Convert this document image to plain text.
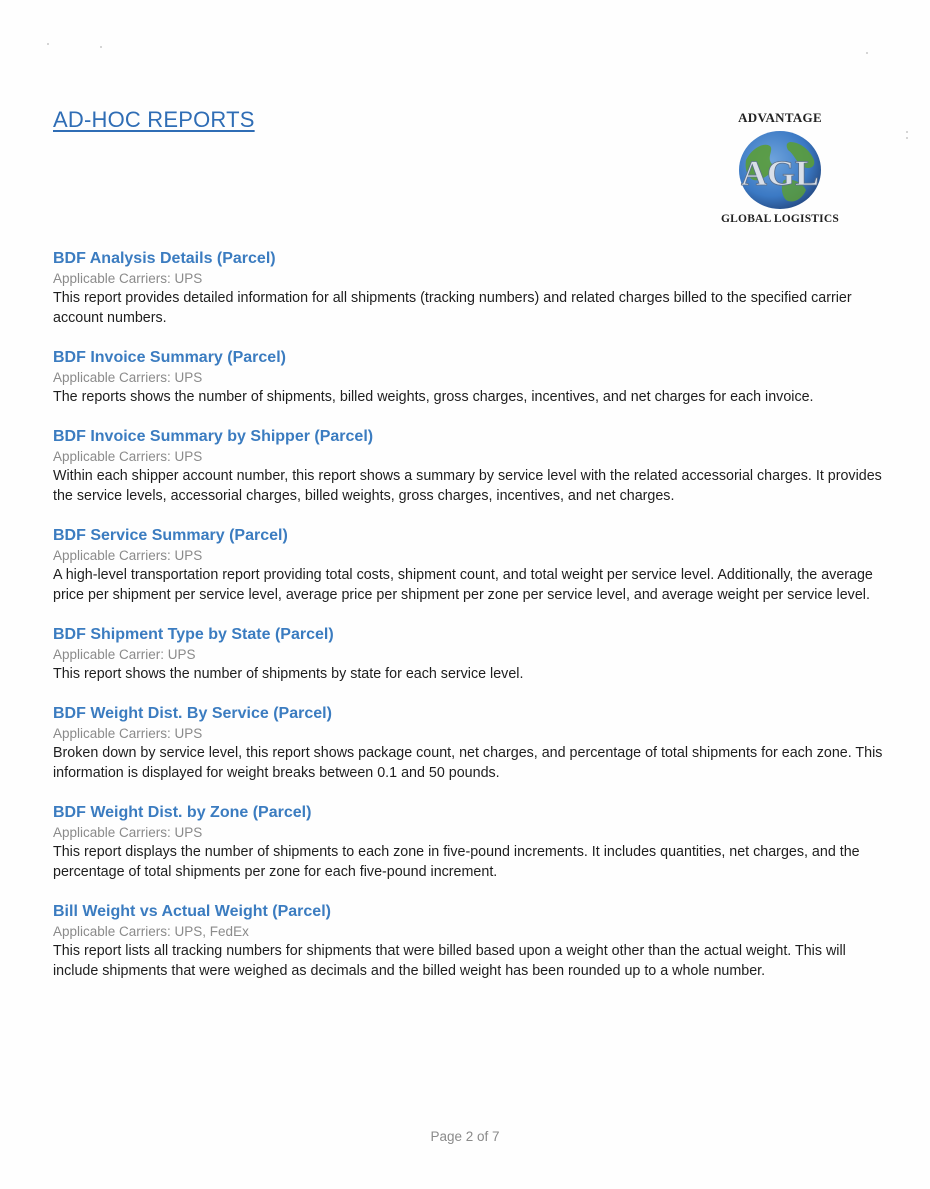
AD-HOC REPORTS	ADVANTAGE
AGL
GLOBAL LOGISTICS
BDF Analysis Details (Parcel)
Applicable Carriers: UPS
This report provides detailed information for all shipments (tracking numbers) and related charges billed to the specified carrier account numbers.
BDF Invoice Summary (Parcel)
Applicable Carriers: UPS
The reports shows the number of shipments, billed weights, gross charges, incentives, and net charges for each invoice.
BDF Invoice Summary by Shipper (Parcel)
Applicable Carriers: UPS
Within each shipper account number, this report shows a summary by service level with the related accessorial charges. It provides the service levels, accessorial charges, billed weights, gross charges, incentives, and net charges.
BDF Service Summary (Parcel)
Applicable Carriers: UPS
A high-level transportation report providing total costs, shipment count, and total weight per service level. Additionally, the average price per shipment per service level, average price per shipment per zone per service level, and average weight per service level.
BDF Shipment Type by State (Parcel)
Applicable Carrier: UPS
This report shows the number of shipments by state for each service level.
BDF Weight Dist. By Service (Parcel)
Applicable Carriers: UPS
Broken down by service level, this report shows package count, net charges, and percentage of total shipments for each zone. This information is displayed for weight breaks between 0.1 and 50 pounds.
BDF Weight Dist. by Zone (Parcel)
Applicable Carriers: UPS
This report displays the number of shipments to each zone in five-pound increments. It includes quantities, net charges, and the percentage of total shipments per zone for each five-pound increment.
Bill Weight vs Actual Weight (Parcel)
Applicable Carriers: UPS, FedEx
This report lists all tracking numbers for shipments that were billed based upon a weight other than the actual weight. This will include shipments that were weighed as decimals and the billed weight has been rounded up to a whole number.
Page 2 of 7
